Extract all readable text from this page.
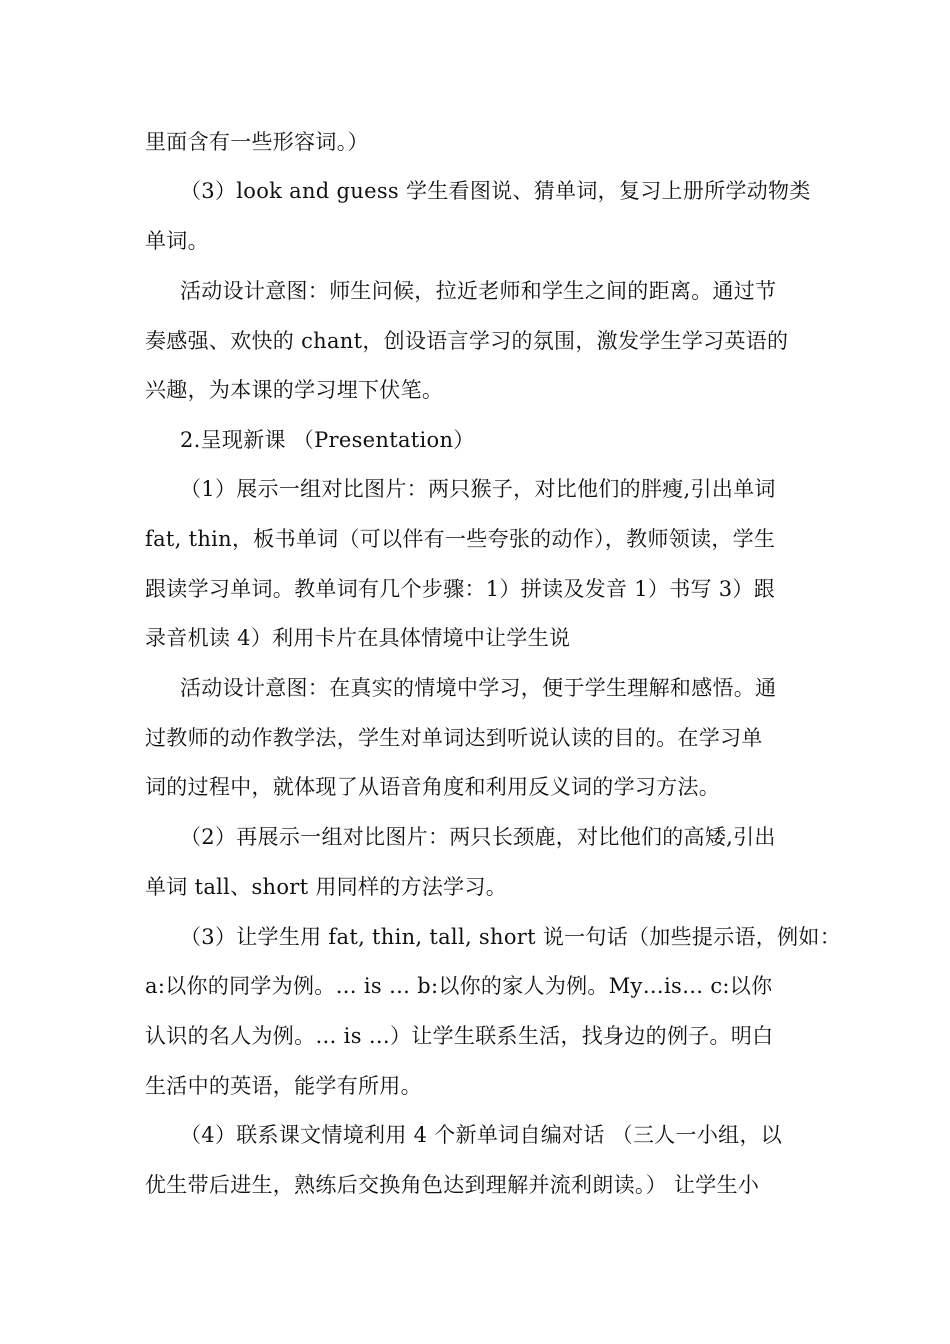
里面含有一些形容词。）
（3）look and guess 学生看图说、猜单词，复习上册所学动物类
单词。
活动设计意图：师生问候，拉近老师和学生之间的距离。通过节
奏感强、欢快的 chant，创设语言学习的氛围，激发学生学习英语的
兴趣，为本课的学习埋下伏笔。
2.呈现新课 （Presentation）
（1）展示一组对比图片：两只猴子，对比他们的胖瘦,引出单词
fat, thin，板书单词（可以伴有一些夸张的动作），教师领读，学生
跟读学习单词。教单词有几个步骤：1）拼读及发音 1）书写 3）跟
录音机读 4）利用卡片在具体情境中让学生说
活动设计意图：在真实的情境中学习，便于学生理解和感悟。通
过教师的动作教学法，学生对单词达到听说认读的目的。在学习单
词的过程中，就体现了从语音角度和利用反义词的学习方法。
（2）再展示一组对比图片：两只长颈鹿，对比他们的高矮,引出
单词 tall、short 用同样的方法学习。
（3）让学生用 fat, thin, tall, short 说一句话（加些提示语，例如：
a:以你的同学为例。… is … b:以你的家人为例。My…is… c:以你
认识的名人为例。… is …）让学生联系生活，找身边的例子。明白
生活中的英语，能学有所用。
（4）联系课文情境利用 4 个新单词自编对话 （三人一小组，以
优生带后进生，熟练后交换角色达到理解并流利朗读。） 让学生小
